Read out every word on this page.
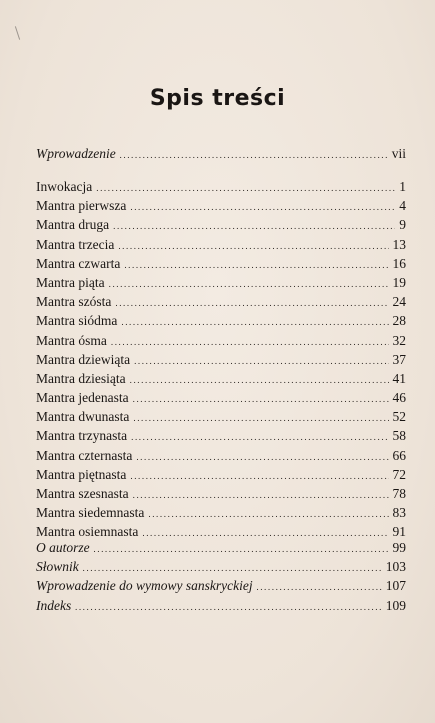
Spis treści
Wprowadzenie .....	vii
Inwokacja .....	1
Mantra pierwsza .....	4
Mantra druga .....	9
Mantra trzecia .....	13
Mantra czwarta .....	16
Mantra piąta .....	19
Mantra szósta .....	24
Mantra siódma .....	28
Mantra ósma .....	32
Mantra dziewiąta .....	37
Mantra dziesiąta .....	41
Mantra jedenasta .....	46
Mantra dwunasta .....	52
Mantra trzynasta .....	58
Mantra czternasta .....	66
Mantra piętnasta .....	72
Mantra szesnasta .....	78
Mantra siedemnasta .....	83
Mantra osiemnasta .....	91
O autorze .....	99
Słownik .....	103
Wprowadzenie do wymowy sanskryckiej .....	107
Indeks .....	109
